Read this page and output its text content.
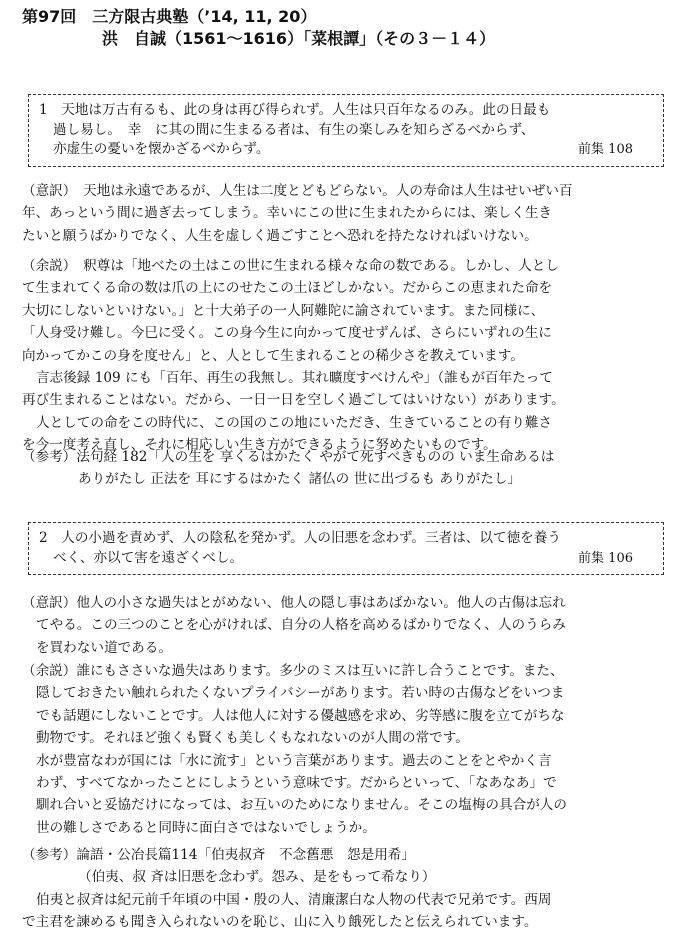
第97回　三方限古典塾（’14, 11, 20）
洪　自誠（1561～1616）「菜根譚」（その３－１４）
1　天地は万古有るも、此の身は再び得られず。人生は只百年なるのみ。此の日最も
過し易し。　幸　に其の間に生まるる者は、有生の楽しみを知らざるべからず、
亦虚生の憂いを懐かざるべからず。	前集 108
（意訳）　天地は永遠であるが、人生は二度とどもどらない。人の寿命は人生はせいぜい百
年、あっという間に過ぎ去ってしまう。幸いにこの世に生まれたからには、楽しく生き
たいと願うばかりでなく、人生を虚しく過ごすことへ恐れを持たなければいけない。
（余説）　釈尊は「地べたの土はこの世に生まれる様々な命の数である。しかし、人とし
て生まれてくる命の数は爪の上にのせたこの土ほどしかない。だからこの恵まれた命を
大切にしないといけない。」と十大弟子の一人阿難陀に諭されています。また同様に、
「人身受け難し。今巳に受く。この身今生に向かって度せずんば、さらにいずれの生に
向かってかこの身を度せん」と、人として生まれることの稀少さを教えています。
言志後録 109 にも「百年、再生の我無し。其れ曠度すべけんや」（誰もが百年たって
再び生まれることはない。だから、一日一日を空しく過ごしてはいけない）があります。
人としての命をこの時代に、この国のこの地にいただき、生きていることの有り難さ
を今一度考え直し、それに相応しい生き方ができるように努めたいものです。
（参考）法句経 182「人の生を 享くるはかたく やがて死すべきものの いま生命あるは
ありがたし 正法を 耳にするはかたく 諸仏の 世に出づるも ありがたし」
2　人の小過を責めず、人の陰私を発かず。人の旧悪を念わず。三者は、以て徳を養う
べく、亦以て害を遠ざくべし。	前集 106
（意訳）他人の小さな過失はとがめない、他人の隠し事はあばかない。他人の古傷は忘れ
てやる。この三つのことを心がければ、自分の人格を高めるばかりでなく、人のうらみ
を買わない道である。
（余説）誰にもささいな過失はあります。多少のミスは互いに許し合うことです。また、
隠しておきたい触れられたくないプライバシーがあります。若い時の古傷などをいつま
でも話題にしないことです。人は他人に対する優越感を求め、劣等感に腹を立てがちな
動物です。それほど強くも賢くも美しくもなれないのが人間の常です。
水が豊富なわが国には「水に流す」という言葉があります。過去のことをとやかく言
わず、すべてなかったことにしようという意味です。だからといって、「なあなあ」で
馴れ合いと妥協だけになっては、お互いのためになりません。そこの塩梅の具合が人の
世の難しさであると同時に面白さではないでしょうか。
（参考）論語・公冶長篇114「伯夷叔斉　不念舊悪　怨是用希」
（伯夷、叔 斉は旧悪を念わず。怨み、是をもって希なり）
伯夷と叔斉は紀元前千年頃の中国・殷の人、清廉潔白な人物の代表で兄弟です。西周
で主君を諫めるも聞き入られないのを恥じ、山に入り餓死したと伝えられています。
